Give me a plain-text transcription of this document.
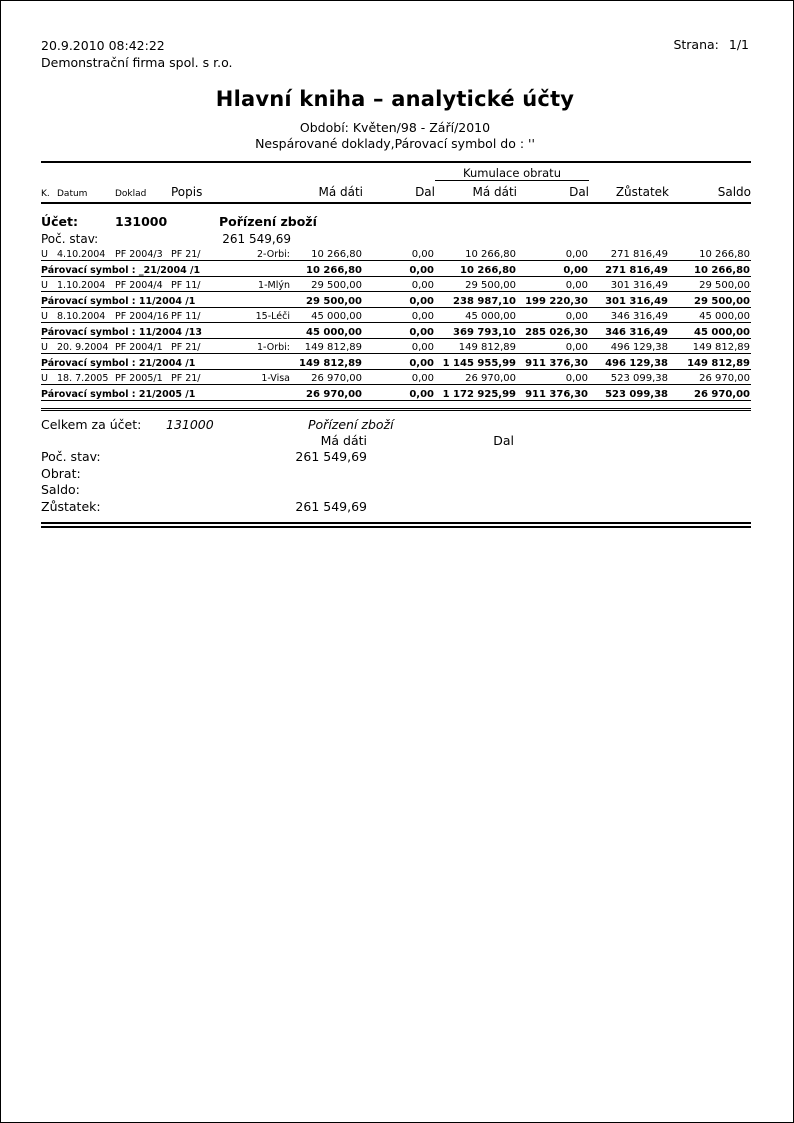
20.9.2010 08:42:22
Demonstrační firma spol. s r.o.
Strana: 1/1
Hlavní kniha – analytické účty
Období: Květen/98 - Září/2010
Nespárované doklady,Párovací symbol do : ''
							Kumulace obratu			
K.	Datum	Doklad	Popis		Má dáti	Dal	Má dáti	Dal	Zůstatek	Saldo
Účet:		131000		Pořízení zboží						
Poč. stav:		261 549,69								
U	4.10.2004	PF 2004/3	PF 21/	2-Orbi:	10 266,80	0,00	10 266,80	0,00	271 816,49	10 266,80
Párovací symbol : _21/2004 /1					10 266,80	0,00	10 266,80	0,00	271 816,49	10 266,80
U	1.10.2004	PF 2004/4	PF 11/	1-Mlýn	29 500,00	0,00	29 500,00	0,00	301 316,49	29 500,00
Párovací symbol : 11/2004 /1					29 500,00	0,00	238 987,10	199 220,30	301 316,49	29 500,00
U	8.10.2004	PF 2004/16	PF 11/	15-Léči	45 000,00	0,00	45 000,00	0,00	346 316,49	45 000,00
Párovací symbol : 11/2004 /13					45 000,00	0,00	369 793,10	285 026,30	346 316,49	45 000,00
U	20. 9.2004	PF 2004/1	PF 21/	1-Orbi:	149 812,89	0,00	149 812,89	0,00	496 129,38	149 812,89
Párovací symbol : 21/2004 /1					149 812,89	0,00	1 145 955,99	911 376,30	496 129,38	149 812,89
U	18. 7.2005	PF 2005/1	PF 21/	1-Visa	26 970,00	0,00	26 970,00	0,00	523 099,38	26 970,00
Párovací symbol : 21/2005 /1					26 970,00	0,00	1 172 925,99	911 376,30	523 099,38	26 970,00
Celkem za účet:	131000	Pořízení zboží
Má dáti	Dal
Poč. stav:	261 549,69
Obrat:
Saldo:
Zůstatek:	261 549,69
